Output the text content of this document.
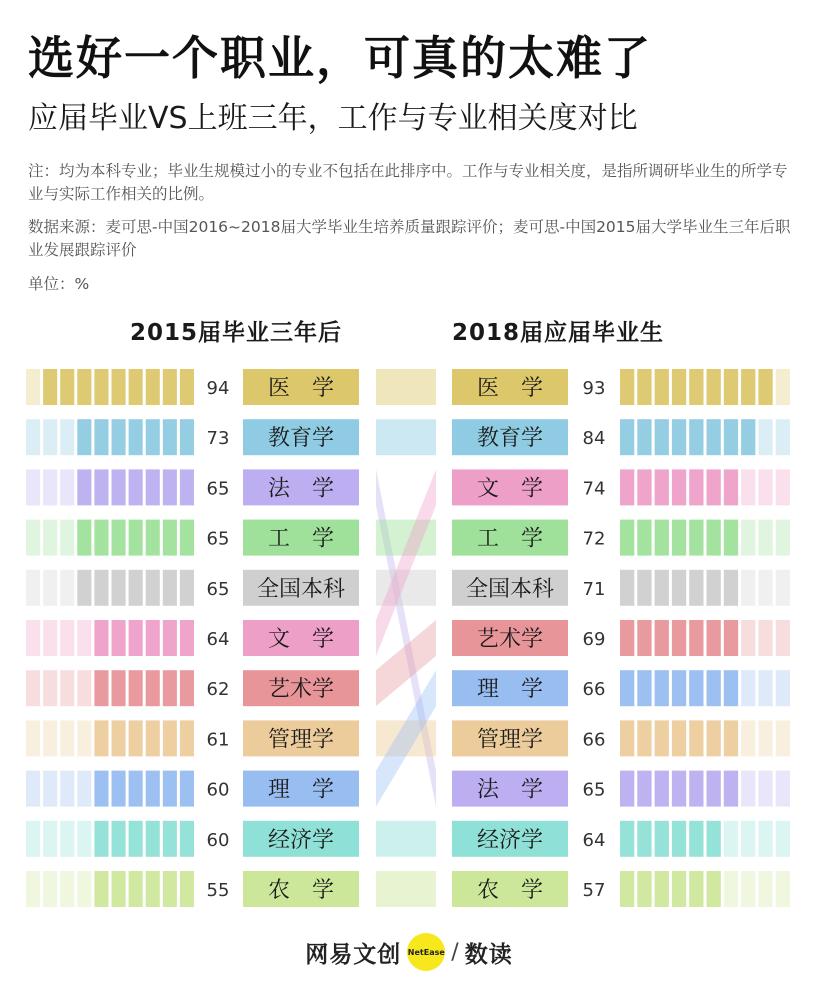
选好一个职业，可真的太难了
应届毕业VS上班三年，工作与专业相关度对比
注：均为本科专业；毕业生规模过小的专业不包括在此排序中。工作与专业相关度，是指所调研毕业生的所学专业与实际工作相关的比例。
数据来源：麦可思-中国2016~2018届大学毕业生培养质量跟踪评价；麦可思-中国2015届大学毕业生三年后职业发展跟踪评价
单位：%
2015届毕业三年后	2018届应届毕业生
94 医　学
73 教育学
65 法　学
65 工　学
65 全国本科
64 文　学
62 艺术学
61 管理学
60 理　学
60 经济学
55 农　学
医　学 93
教育学 84
文　学 74
工　学 72
全国本科 71
艺术学 69
理　学 66
管理学 66
法　学 65
经济学 64
农　学 57
网易文创 NetEase / 数读
